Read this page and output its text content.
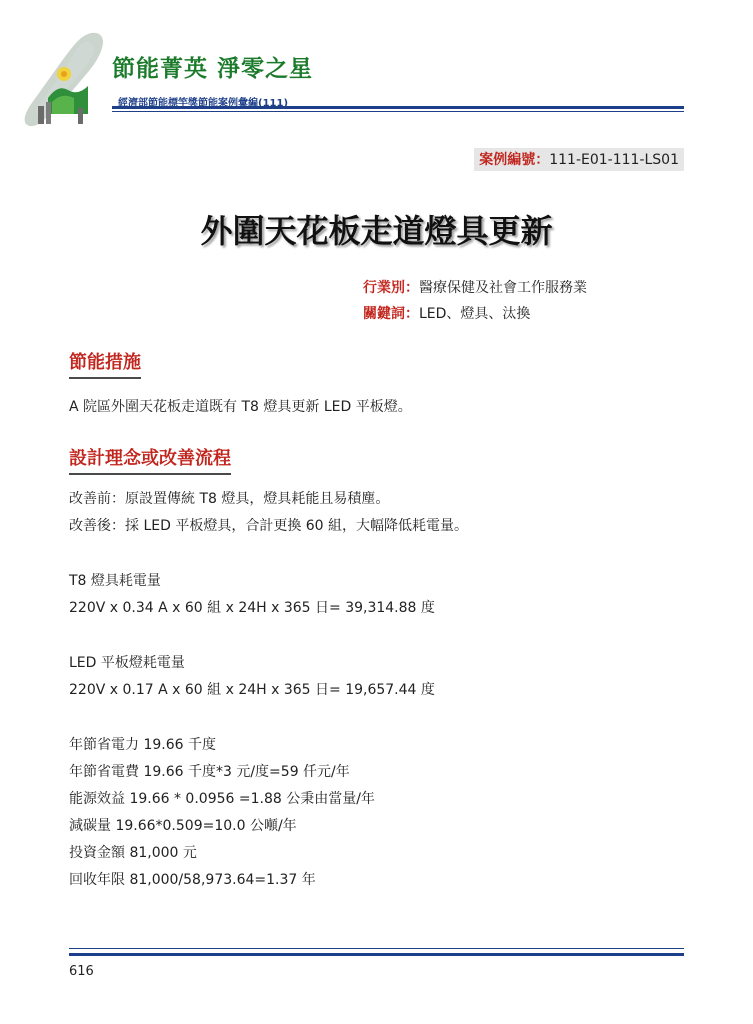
節能菁英 淨零之星
經濟部節能標竿獎節能案例彙編(111)
案例編號：111-E01-111-LS01
外圍天花板走道燈具更新
行業別：醫療保健及社會工作服務業
關鍵詞：LED、燈具、汰換
節能措施
A 院區外圍天花板走道既有 T8 燈具更新 LED 平板燈。
設計理念或改善流程
改善前：原設置傳統 T8 燈具，燈具耗能且易積塵。
改善後：採 LED 平板燈具，合計更換 60 組，大幅降低耗電量。
T8 燈具耗電量
220V x 0.34 A x 60 組 x 24H x 365 日= 39,314.88 度
LED 平板燈耗電量
220V x 0.17 A x 60 組 x 24H x 365 日= 19,657.44 度
年節省電力 19.66 千度
年節省電費 19.66 千度*3 元/度=59 仟元/年
能源效益 19.66 * 0.0956 =1.88 公秉由當量/年
減碳量 19.66*0.509=10.0 公噸/年
投資金額 81,000 元
回收年限 81,000/58,973.64=1.37 年
616
